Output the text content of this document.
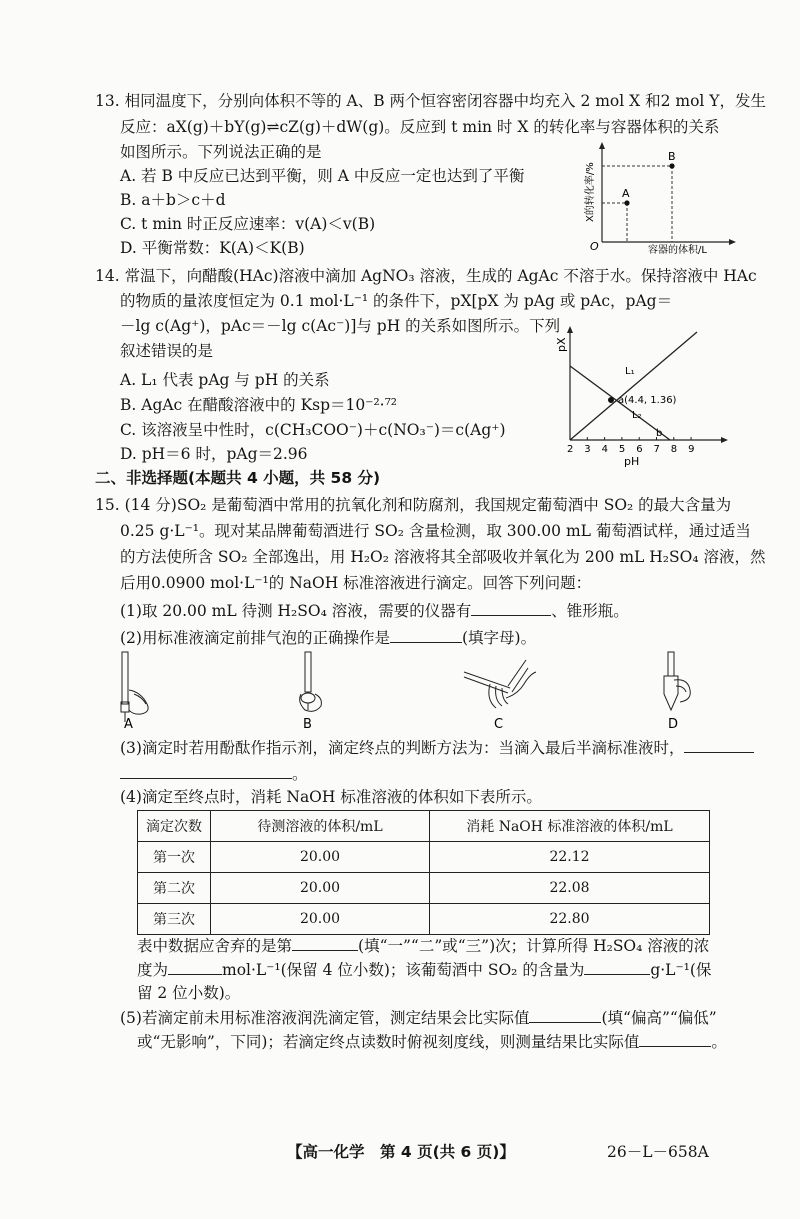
13. 相同温度下，分别向体积不等的 A、B 两个恒容密闭容器中均充入 2 mol X 和2 mol Y，发生
反应：aX(g)＋bY(g)⇌cZ(g)＋dW(g)。反应到 t min 时 X 的转化率与容器体积的关系
如图所示。下列说法正确的是
A. 若 B 中反应已达到平衡，则 A 中反应一定也达到了平衡
B. a＋b＞c＋d
C. t min 时正反应速率：v(A)＜v(B)
D. 平衡常数：K(A)＜K(B)
A
B
O	容器的体积/L
X的转化率/%
14. 常温下，向醋酸(HAc)溶液中滴加 AgNO₃ 溶液，生成的 AgAc 不溶于水。保持溶液中 HAc
的物质的量浓度恒定为 0.1 mol·L⁻¹ 的条件下，pX[pX 为 pAg 或 pAc，pAg＝
－lg c(Ag⁺)，pAc＝－lg c(Ac⁻)]与 pH 的关系如图所示。下列
叙述错误的是
A. L₁ 代表 pAg 与 pH 的关系
B. AgAc 在醋酸溶液中的 Ksp＝10⁻²·⁷²
C. 该溶液呈中性时，c(CH₃COO⁻)＋c(NO₃⁻)＝c(Ag⁺)
D. pH＝6 时，pAg＝2.96
a(4.4, 1.36)
L₁
L₂
b
pX
pH
2 3 4 5 6 7 8 9
二、非选择题(本题共 4 小题，共 58 分)
15. (14 分)SO₂ 是葡萄酒中常用的抗氧化剂和防腐剂，我国规定葡萄酒中 SO₂ 的最大含量为
0.25 g·L⁻¹。现对某品牌葡萄酒进行 SO₂ 含量检测，取 300.00 mL 葡萄酒试样，通过适当
的方法使所含 SO₂ 全部逸出，用 H₂O₂ 溶液将其全部吸收并氧化为 200 mL H₂SO₄ 溶液，然
后用0.0900 mol·L⁻¹的 NaOH 标准溶液进行滴定。回答下列问题：
(1)取 20.00 mL 待测 H₂SO₄ 溶液，需要的仪器有	、锥形瓶。
(2)用标准液滴定前排气泡的正确操作是	(填字母)。
A	B	C	D
(3)滴定时若用酚酞作指示剂，滴定终点的判断方法为：当滴入最后半滴标准液时，
。
(4)滴定至终点时，消耗 NaOH 标准溶液的体积如下表所示。
滴定次数	待测溶液的体积/mL	消耗 NaOH 标准溶液的体积/mL
第一次	20.00	22.12
第二次	20.00	22.08
第三次	20.00	22.80
表中数据应舍弃的是第	(填“一”“二”或“三”)次；计算所得 H₂SO₄ 溶液的浓
度为	mol·L⁻¹(保留 4 位小数)；该葡萄酒中 SO₂ 的含量为	g·L⁻¹(保
留 2 位小数)。
(5)若滴定前未用标准溶液润洗滴定管，测定结果会比实际值	(填“偏高”“偏低”
或“无影响”，下同)；若滴定终点读数时俯视刻度线，则测量结果比实际值	。
【高一化学　第 4 页(共 6 页)】	26－L－658A
